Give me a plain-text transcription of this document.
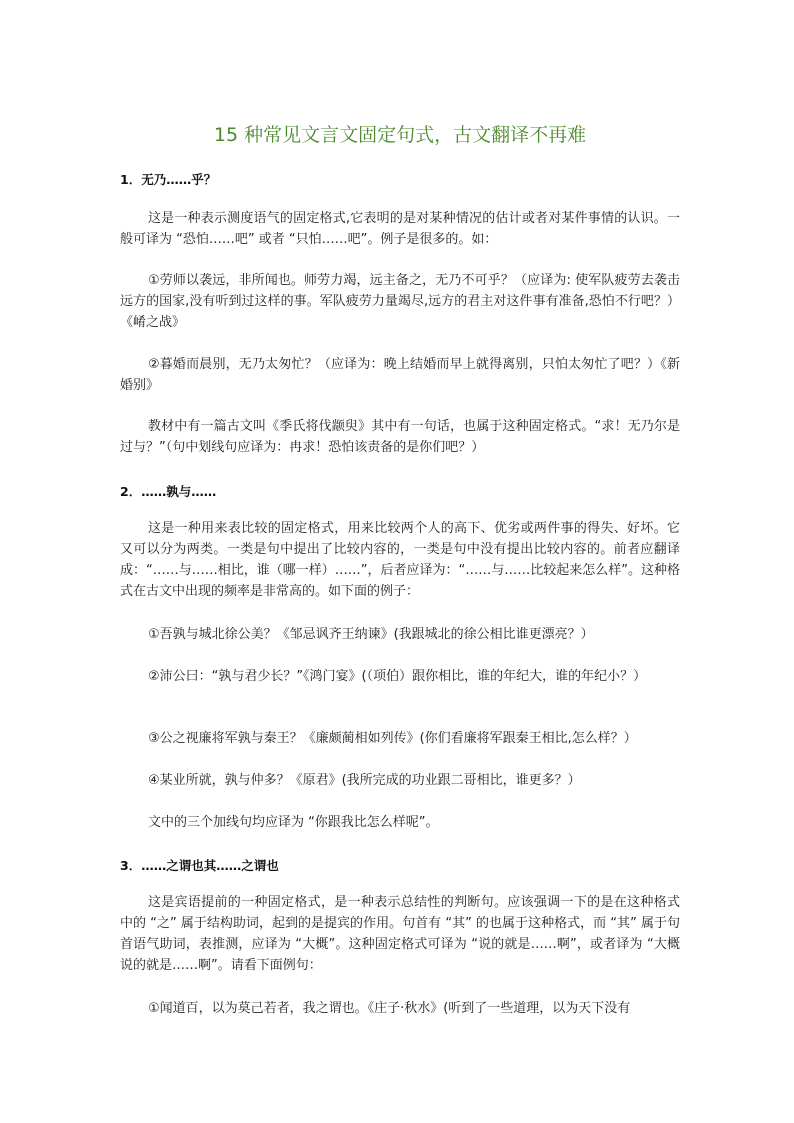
15 种常见文言文固定句式，古文翻译不再难
1．无乃……乎？
这是一种表示测度语气的固定格式,它表明的是对某种情况的估计或者对某件事情的认识。一般可译为 “恐怕……吧” 或者 “只怕……吧”。例子是很多的。如：
①劳师以袭远，非所闻也。师劳力竭，远主备之，无乃不可乎？（应译为: 使军队疲劳去袭击远方的国家,没有听到过这样的事。军队疲劳力量竭尽,远方的君主对这件事有准备,恐怕不行吧？）《崤之战》
②暮婚而晨别，无乃太匆忙？（应译为：晚上结婚而早上就得离别，只怕太匆忙了吧？）《新婚别》
教材中有一篇古文叫《季氏将伐颛臾》其中有一句话，也属于这种固定格式。“求！无乃尔是过与？”（句中划线句应译为：冉求！恐怕该责备的是你们吧？）
2．……孰与……
这是一种用来表比较的固定格式，用来比较两个人的高下、优劣或两件事的得失、好坏。它又可以分为两类。一类是句中提出了比较内容的，一类是句中没有提出比较内容的。前者应翻译成：“……与……相比，谁（哪一样）……”，后者应译为：“……与……比较起来怎么样”。这种格式在古文中出现的频率是非常高的。如下面的例子：
①吾孰与城北徐公美？《邹忌讽齐王纳谏》(我跟城北的徐公相比谁更漂亮？）
②沛公曰：“孰与君少长？”《鸿门宴》(（项伯）跟你相比，谁的年纪大，谁的年纪小？）
③公之视廉将军孰与秦王？《廉颇蔺相如列传》(你们看廉将军跟秦王相比,怎么样？）
④某业所就，孰与仲多？《原君》(我所完成的功业跟二哥相比，谁更多？）
文中的三个加线句均应译为 “你跟我比怎么样呢”。
3．……之谓也其……之谓也
这是宾语提前的一种固定格式，是一种表示总结性的判断句。应该强调一下的是在这种格式中的 “之” 属于结构助词，起到的是提宾的作用。句首有 “其” 的也属于这种格式，而 “其” 属于句首语气助词，表推测，应译为 “大概”。这种固定格式可译为 “说的就是……啊”，或者译为 “大概说的就是……啊”。请看下面例句：
①闻道百，以为莫己若者，我之谓也。《庄子·秋水》(听到了一些道理，以为天下没有
